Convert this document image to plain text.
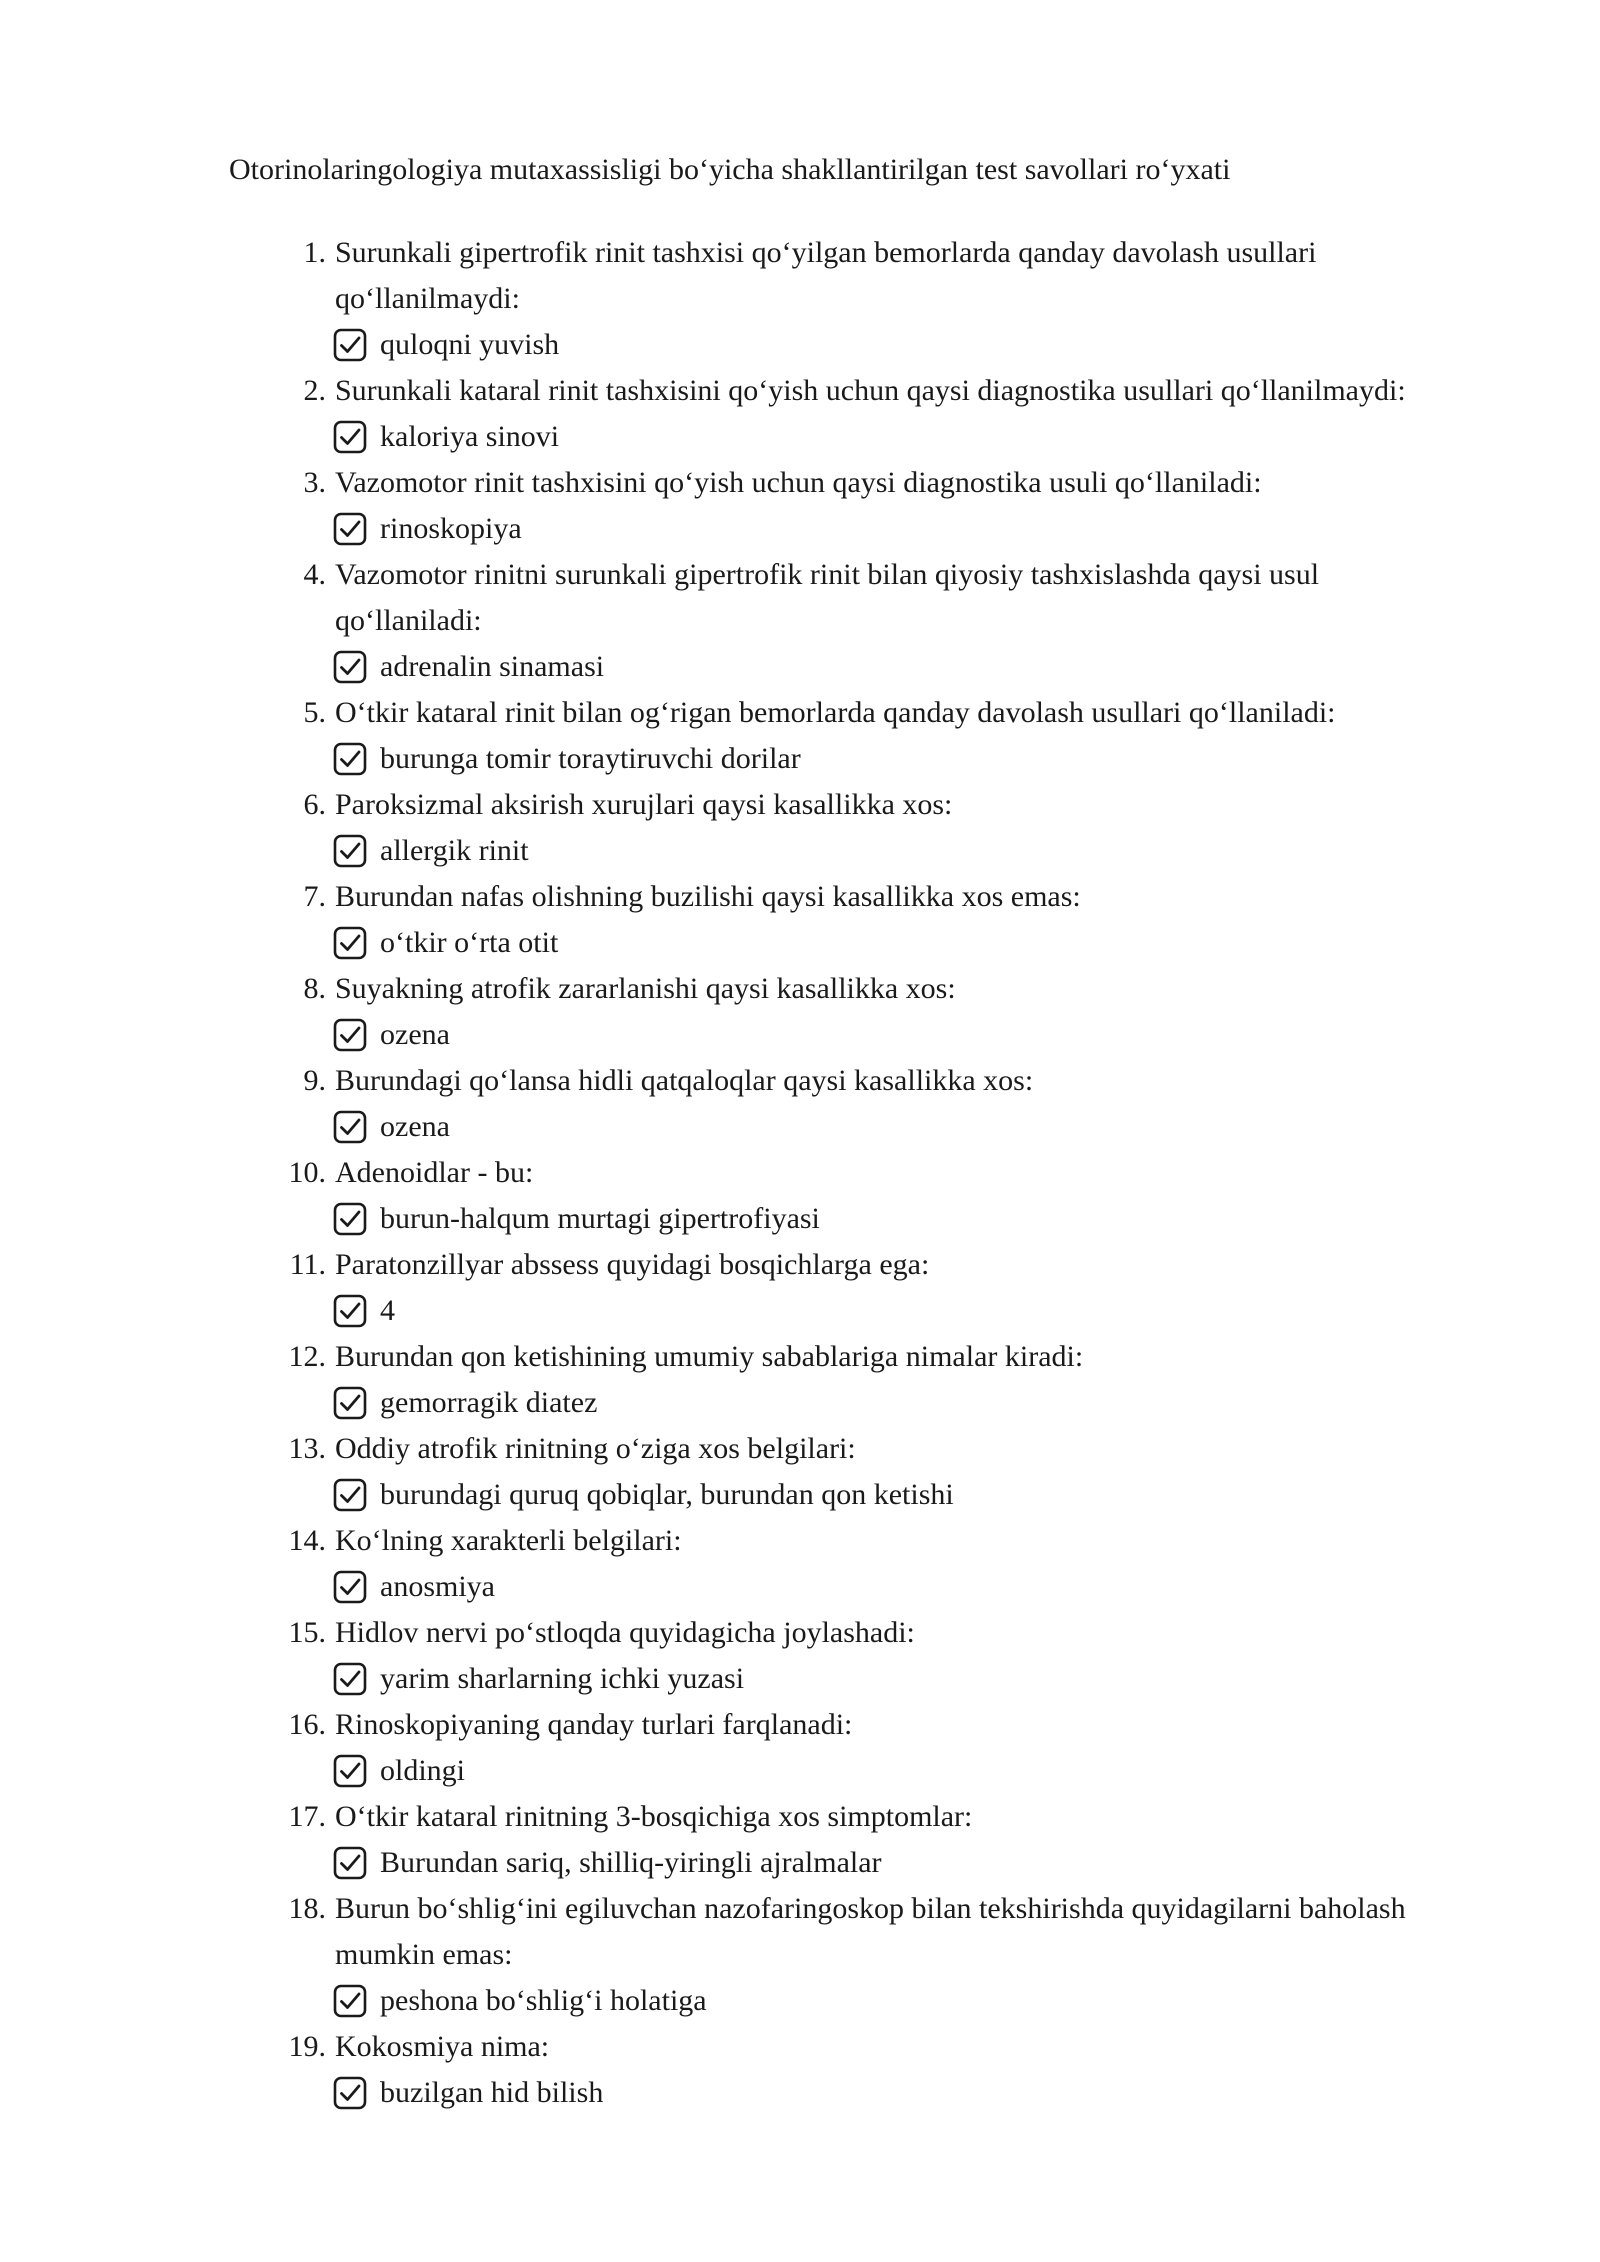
Otorinolaringologiya mutaxassisligi bo‘yicha shakllantirilgan test savollari ro‘yxati
1. Surunkali gipertrofik rinit tashxisi qo‘yilgan bemorlarda qanday davolash usullari
qo‘llanilmaydi:
quloqni yuvish
2. Surunkali kataral rinit tashxisini qo‘yish uchun qaysi diagnostika usullari qo‘llanilmaydi:
kaloriya sinovi
3. Vazomotor rinit tashxisini qo‘yish uchun qaysi diagnostika usuli qo‘llaniladi:
rinoskopiya
4. Vazomotor rinitni surunkali gipertrofik rinit bilan qiyosiy tashxislashda qaysi usul
qo‘llaniladi:
adrenalin sinamasi
5. O‘tkir kataral rinit bilan og‘rigan bemorlarda qanday davolash usullari qo‘llaniladi:
burunga tomir toraytiruvchi dorilar
6. Paroksizmal aksirish xurujlari qaysi kasallikka xos:
allergik rinit
7. Burundan nafas olishning buzilishi qaysi kasallikka xos emas:
o‘tkir o‘rta otit
8. Suyakning atrofik zararlanishi qaysi kasallikka xos:
ozena
9. Burundagi qo‘lansa hidli qatqaloqlar qaysi kasallikka xos:
ozena
10. Adenoidlar - bu:
burun-halqum murtagi gipertrofiyasi
11. Paratonzillyar abssess quyidagi bosqichlarga ega:
4
12. Burundan qon ketishining umumiy sabablariga nimalar kiradi:
gemorragik diatez
13. Oddiy atrofik rinitning o‘ziga xos belgilari:
burundagi quruq qobiqlar, burundan qon ketishi
14. Ko‘lning xarakterli belgilari:
anosmiya
15. Hidlov nervi po‘stloqda quyidagicha joylashadi:
yarim sharlarning ichki yuzasi
16. Rinoskopiyaning qanday turlari farqlanadi:
oldingi
17. O‘tkir kataral rinitning 3-bosqichiga xos simptomlar:
Burundan sariq, shilliq-yiringli ajralmalar
18. Burun bo‘shlig‘ini egiluvchan nazofaringoskop bilan tekshirishda quyidagilarni baholash
mumkin emas:
peshona bo‘shlig‘i holatiga
19. Kokosmiya nima:
buzilgan hid bilish
